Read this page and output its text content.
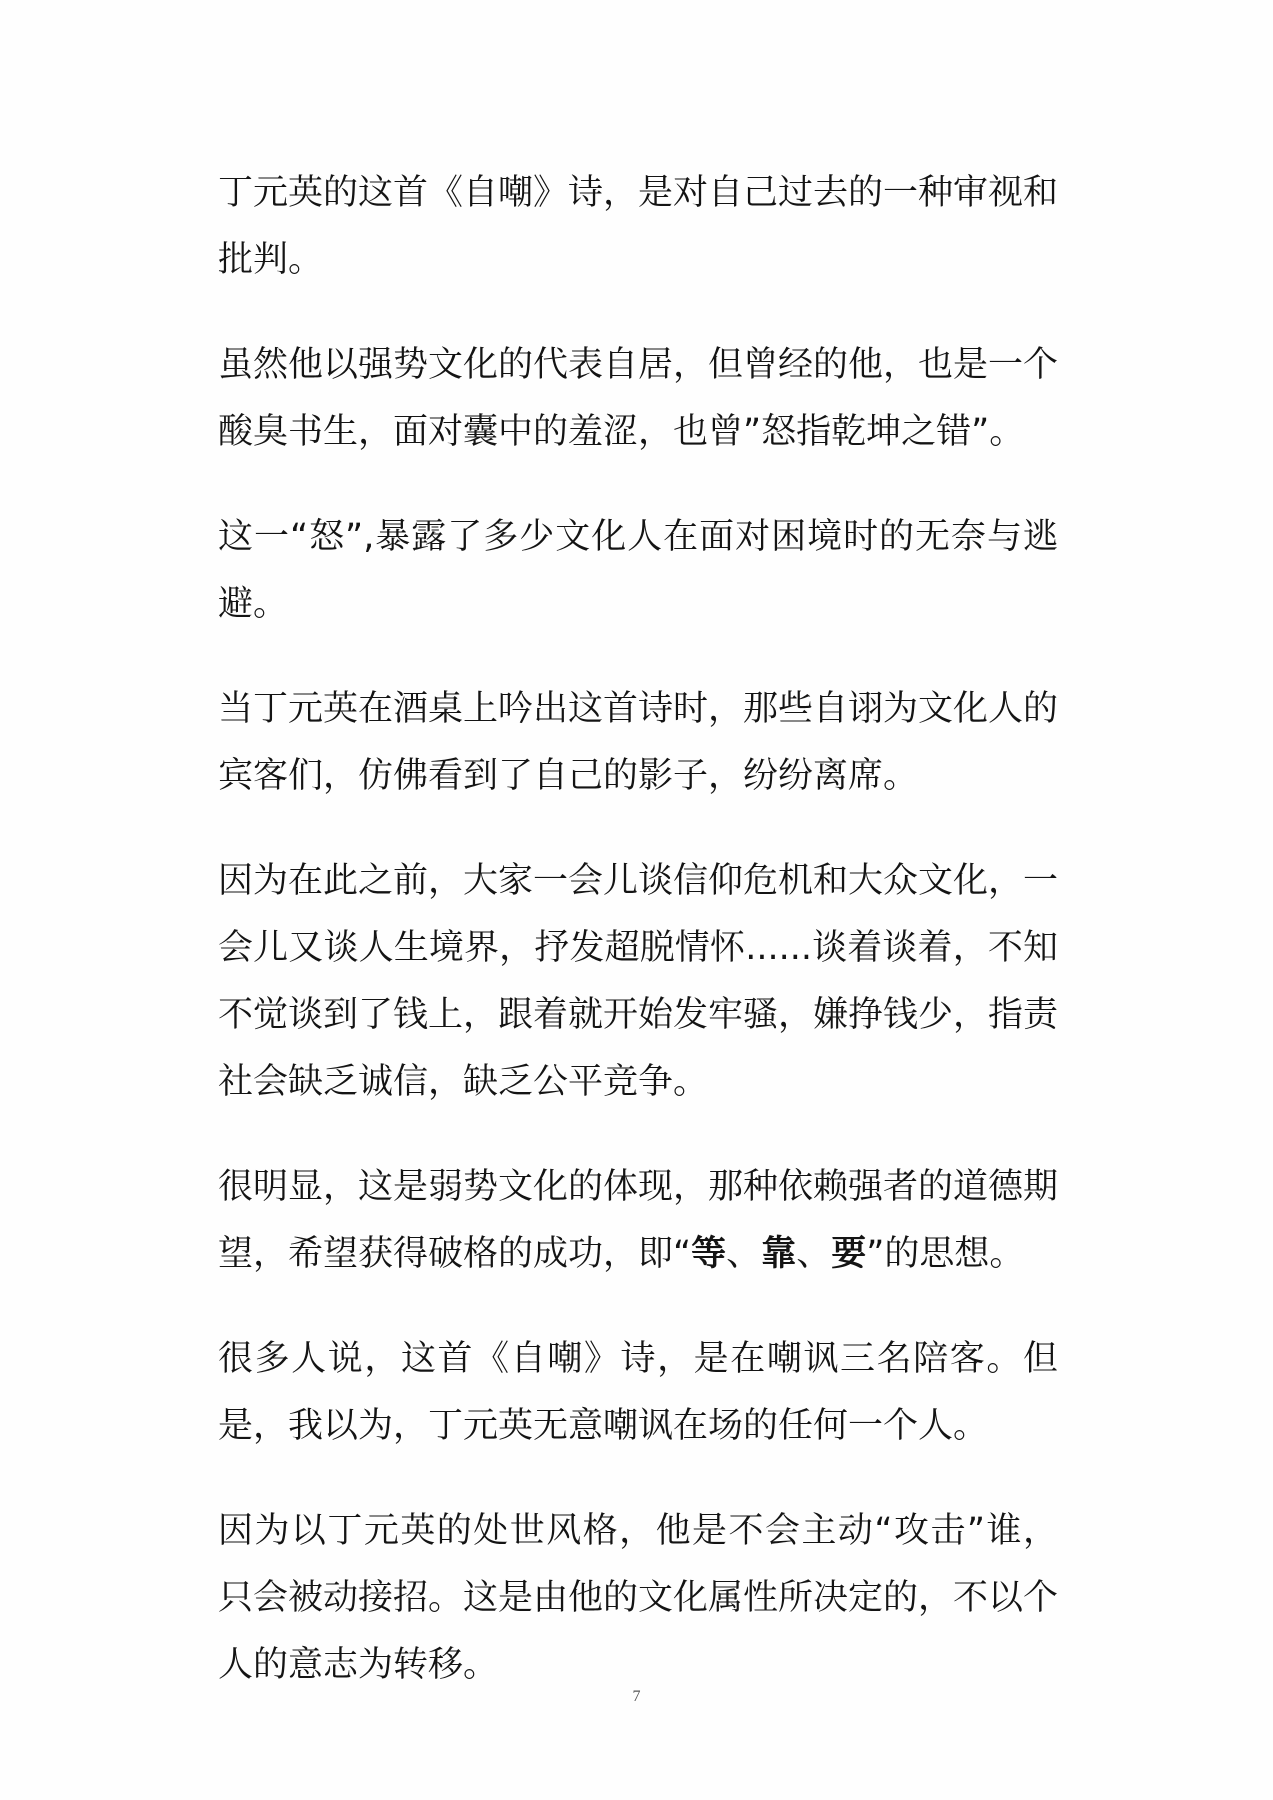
丁元英的这首《自嘲》诗，是对自己过去的一种审视和批判。

虽然他以强势文化的代表自居，但曾经的他，也是一个酸臭书生，面对囊中的羞涩，也曾”怒指乾坤之错”。

这一“怒”,暴露了多少文化人在面对困境时的无奈与逃避。

当丁元英在酒桌上吟出这首诗时，那些自诩为文化人的宾客们，仿佛看到了自己的影子，纷纷离席。

因为在此之前，大家一会儿谈信仰危机和大众文化，一会儿又谈人生境界，抒发超脱情怀......谈着谈着，不知不觉谈到了钱上，跟着就开始发牢骚，嫌挣钱少，指责社会缺乏诚信，缺乏公平竞争。

很明显，这是弱势文化的体现，那种依赖强者的道德期望，希望获得破格的成功，即“等、靠、要”的思想。

很多人说，这首《自嘲》诗，是在嘲讽三名陪客。但是，我以为，丁元英无意嘲讽在场的任何一个人。

因为以丁元英的处世风格，他是不会主动“攻击”谁，只会被动接招。这是由他的文化属性所决定的，不以个人的意志为转移。

7
